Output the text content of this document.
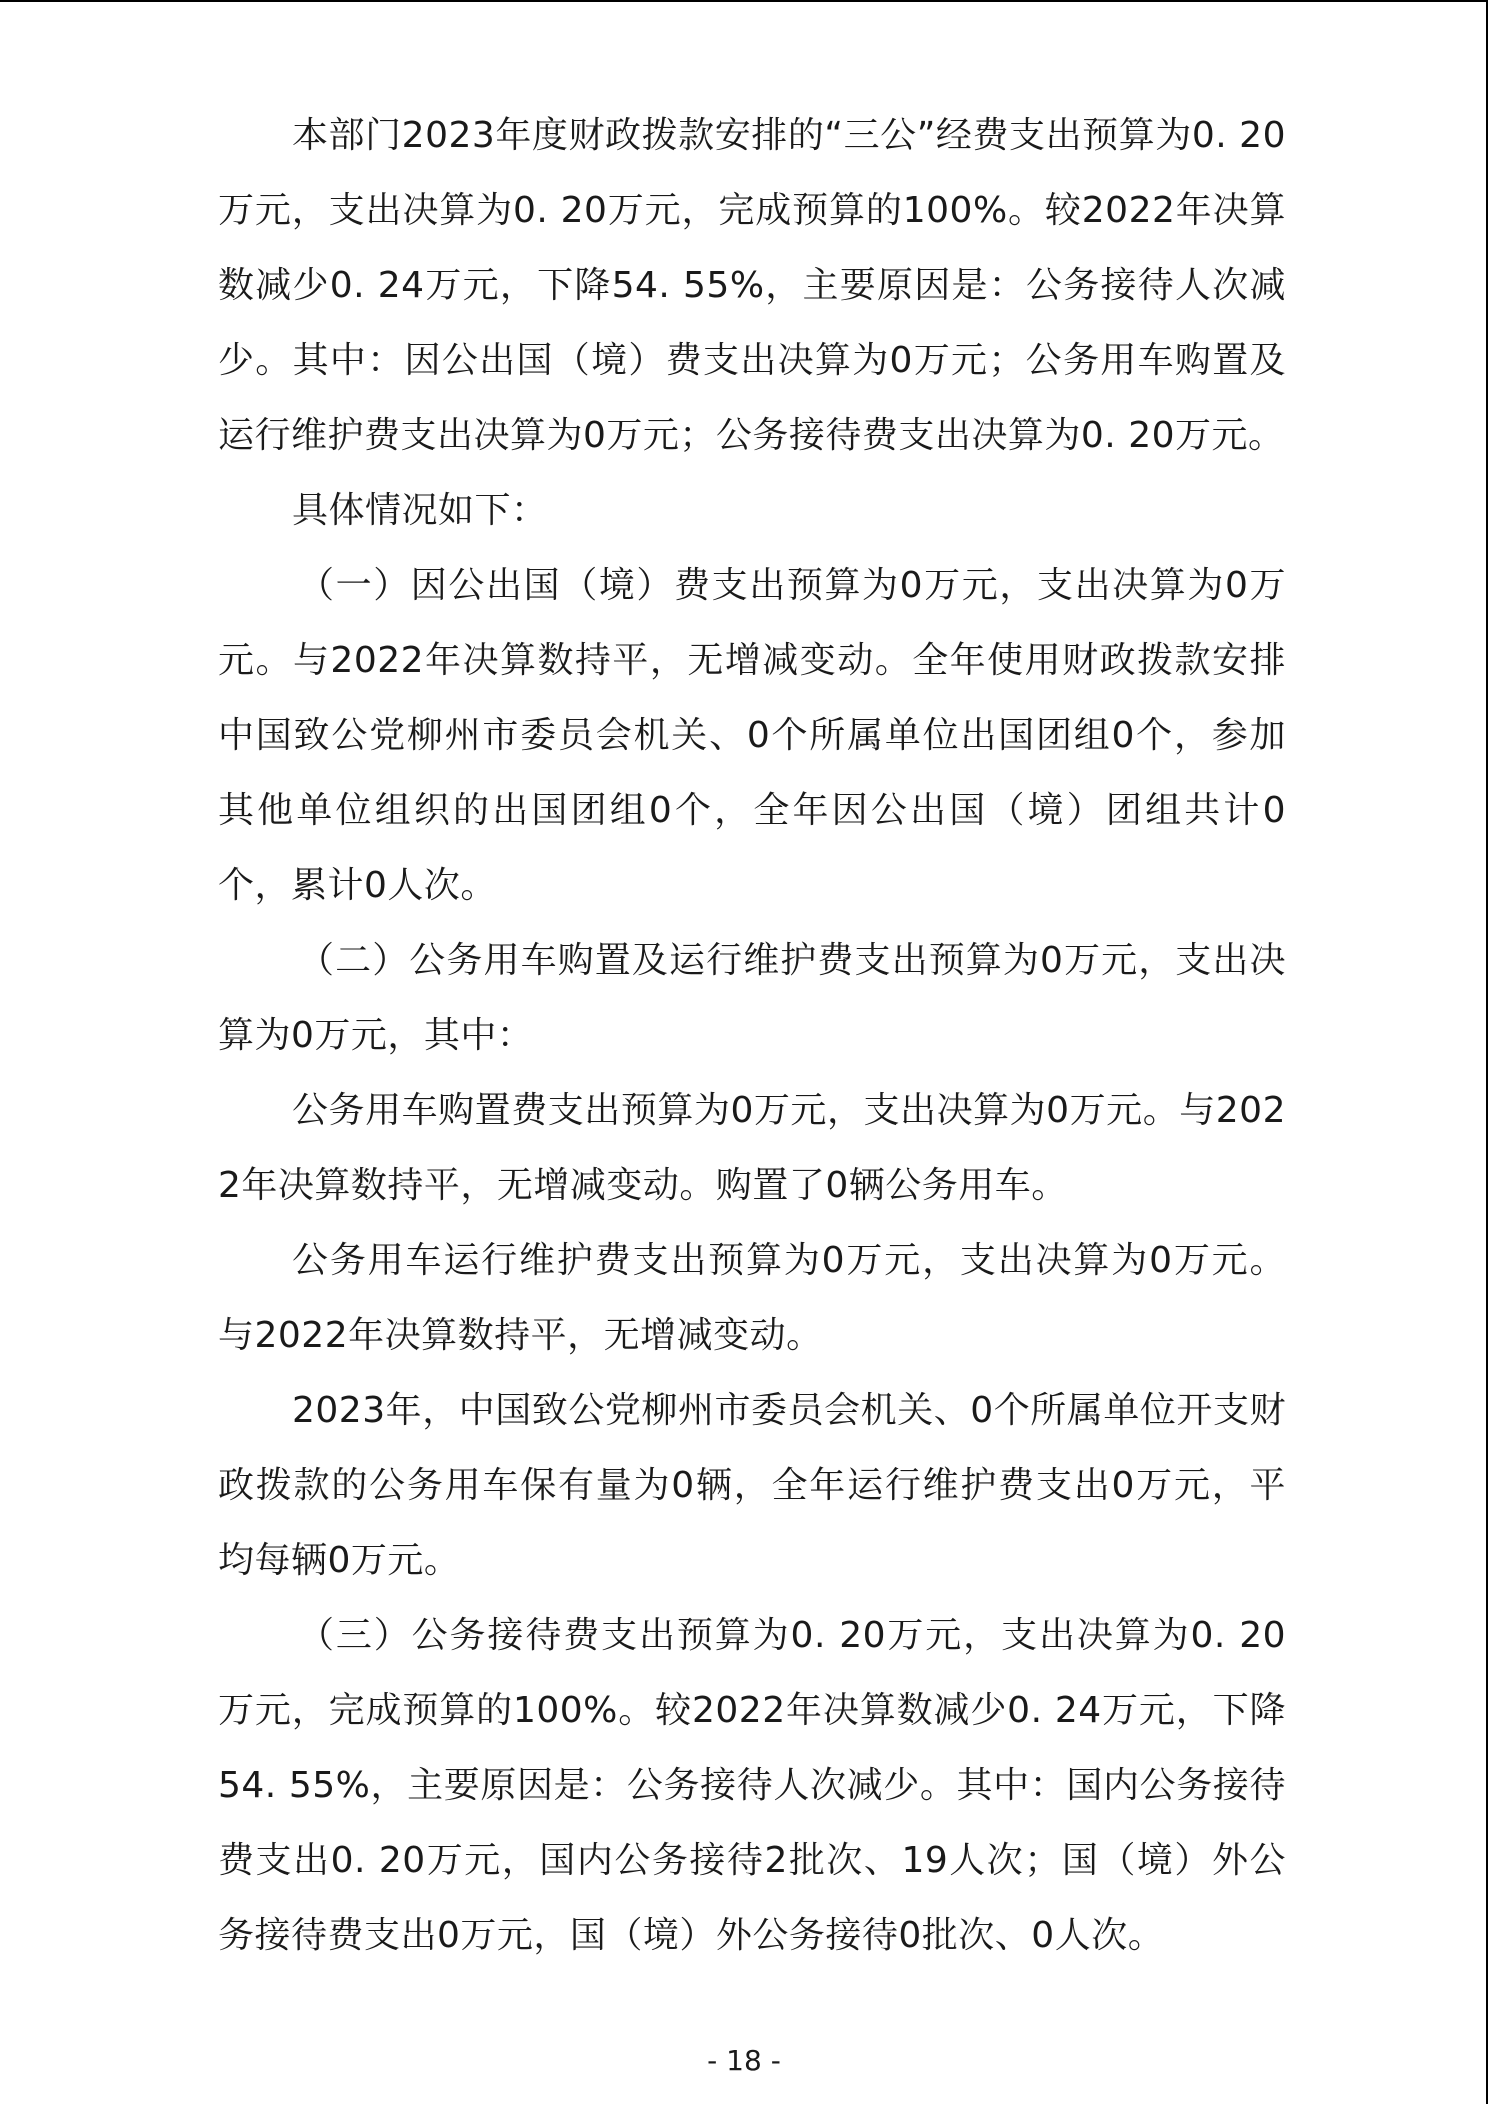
本部门2023年度财政拨款安排的“三公”经费支出预算为0. 20万元，支出决算为0. 20万元，完成预算的100%。较2022年决算数减少0. 24万元，下降54. 55%，主要原因是：公务接待人次减少。其中：因公出国（境）费支出决算为0万元；公务用车购置及运行维护费支出决算为0万元；公务接待费支出决算为0. 20万元。

具体情况如下：

（一）因公出国（境）费支出预算为0万元，支出决算为0万元。与2022年决算数持平，无增减变动。全年使用财政拨款安排中国致公党柳州市委员会机关、0个所属单位出国团组0个，参加其他单位组织的出国团组0个，全年因公出国（境）团组共计0个，累计0人次。

（二）公务用车购置及运行维护费支出预算为0万元，支出决算为0万元，其中：

公务用车购置费支出预算为0万元，支出决算为0万元。与2022年决算数持平，无增减变动。购置了0辆公务用车。

公务用车运行维护费支出预算为0万元，支出决算为0万元。与2022年决算数持平，无增减变动。

2023年，中国致公党柳州市委员会机关、0个所属单位开支财政拨款的公务用车保有量为0辆，全年运行维护费支出0万元，平均每辆0万元。

（三）公务接待费支出预算为0. 20万元，支出决算为0. 20万元，完成预算的100%。较2022年决算数减少0. 24万元，下降54. 55%，主要原因是：公务接待人次减少。其中：国内公务接待费支出0. 20万元，国内公务接待2批次、19人次；国（境）外公务接待费支出0万元，国（境）外公务接待0批次、0人次。

- 18 -
